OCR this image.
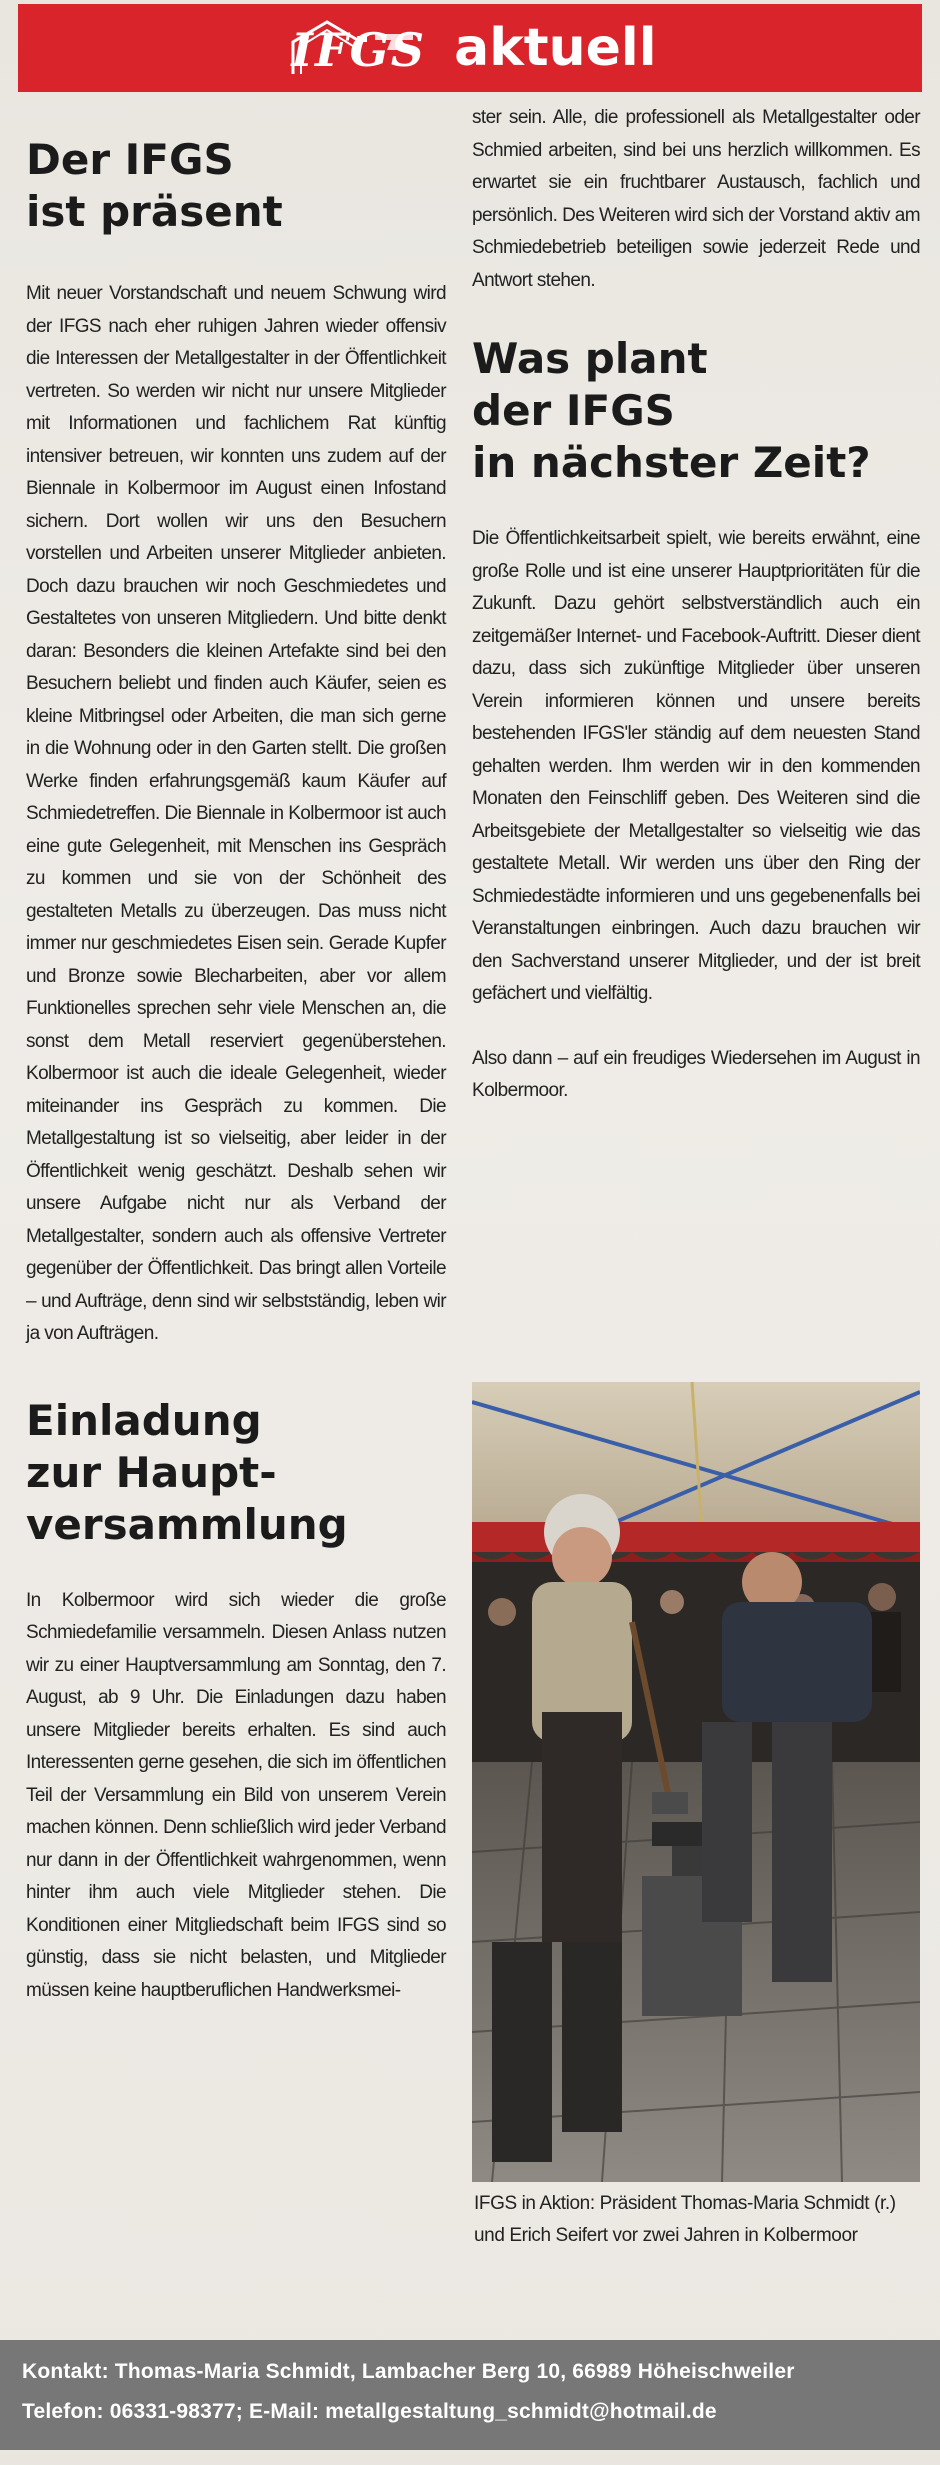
IFGS aktuell
Der IFGS
ist präsent

Mit neuer Vorstandschaft und neuem Schwung wird der IFGS nach eher ruhigen Jahren wieder offensiv die Interessen der Metallgestalter in der Öffentlichkeit vertreten. So werden wir nicht nur unsere Mitglieder mit Informationen und fachlichem Rat künftig intensiver betreuen, wir konnten uns zudem auf der Biennale in Kolbermoor im August einen Infostand sichern. Dort wollen wir uns den Besuchern vorstellen und Arbeiten unserer Mitglieder anbieten. Doch dazu brauchen wir noch Geschmiedetes und Gestaltetes von unseren Mitgliedern. Und bitte denkt daran: Besonders die kleinen Artefakte sind bei den Besuchern beliebt und finden auch Käufer, seien es kleine Mitbringsel oder Arbeiten, die man sich gerne in die Wohnung oder in den Garten stellt. Die großen Werke finden erfahrungsgemäß kaum Käufer auf Schmiedetreffen. Die Biennale in Kolbermoor ist auch eine gute Gelegenheit, mit Menschen ins Gespräch zu kommen und sie von der Schönheit des gestalteten Metalls zu überzeugen. Das muss nicht immer nur geschmiedetes Eisen sein. Gerade Kupfer und Bronze sowie Blecharbeiten, aber vor allem Funktionelles sprechen sehr viele Menschen an, die sonst dem Metall reserviert gegenüberstehen. Kolbermoor ist auch die ideale Gelegenheit, wieder miteinander ins Gespräch zu kommen. Die Metallgestaltung ist so vielseitig, aber leider in der Öffentlichkeit wenig geschätzt. Deshalb sehen wir unsere Aufgabe nicht nur als Verband der Metallgestalter, sondern auch als offensive Vertreter gegenüber der Öffentlichkeit. Das bringt allen Vorteile – und Aufträge, denn sind wir selbstständig, leben wir ja von Aufträgen.

Einladung
zur Haupt-
versammlung

In Kolbermoor wird sich wieder die große Schmiedefamilie versammeln. Diesen Anlass nutzen wir zu einer Hauptversammlung am Sonntag, den 7. August, ab 9 Uhr. Die Einladungen dazu haben unsere Mitglieder bereits erhalten. Es sind auch Interessenten gerne gesehen, die sich im öffentlichen Teil der Versammlung ein Bild von unserem Verein machen können. Denn schließlich wird jeder Verband nur dann in der Öffentlichkeit wahrgenommen, wenn hinter ihm auch viele Mitglieder stehen. Die Konditionen einer Mitgliedschaft beim IFGS sind so günstig, dass sie nicht belasten, und Mitglieder müssen keine hauptberuflichen Handwerksmei-

ster sein. Alle, die professionell als Metallgestalter oder Schmied arbeiten, sind bei uns herzlich willkommen. Es erwartet sie ein fruchtbarer Austausch, fachlich und persönlich. Des Weiteren wird sich der Vorstand aktiv am Schmiedebetrieb beteiligen sowie jederzeit Rede und Antwort stehen.

Was plant
der IFGS
in nächster Zeit?

Die Öffentlichkeitsarbeit spielt, wie bereits erwähnt, eine große Rolle und ist eine unserer Hauptprioritäten für die Zukunft. Dazu gehört selbstverständlich auch ein zeitgemäßer Internet- und Facebook-Auftritt. Dieser dient dazu, dass sich zukünftige Mitglieder über unseren Verein informieren können und unsere bereits bestehenden IFGS'ler ständig auf dem neuesten Stand gehalten werden. Ihm werden wir in den kommenden Monaten den Feinschliff geben. Des Weiteren sind die Arbeitsgebiete der Metallgestalter so vielseitig wie das gestaltete Metall. Wir werden uns über den Ring der Schmiedestädte informieren und uns gegebenenfalls bei Veranstaltungen einbringen. Auch dazu brauchen wir den Sachverstand unserer Mitglieder, und der ist breit gefächert und vielfältig.

Also dann – auf ein freudiges Wiedersehen im August in Kolbermoor.

IFGS in Aktion: Präsident Thomas-Maria Schmidt (r.) und Erich Seifert vor zwei Jahren in Kolbermoor
Kontakt: Thomas-Maria Schmidt, Lambacher Berg 10, 66989 Höheischweiler
Telefon: 06331-98377; E-Mail: metallgestaltung_schmidt@hotmail.de
